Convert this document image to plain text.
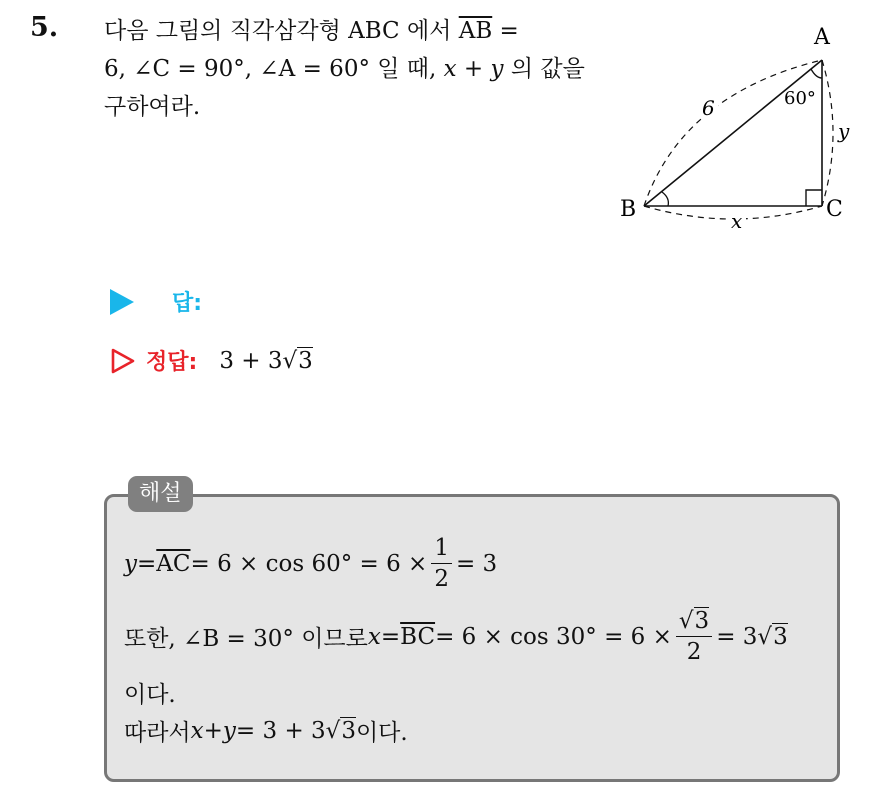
5. 다음 그림의 직각삼각형 ABC 에서 $\overline{AB}$ =
6, ∠C = 90°, ∠A = 60° 일 때, x + y 의 값을
구하여라.
A
B	C
6	60°
y
x
답:
정답: 3 + 3√3
해설
$y = \overline{AC} = 6 \times \cos 60^\circ = 6 \times \frac{1}{2} = 3$
또한, ∠B = 30° 이므로 $x = \overline{BC} = 6 \times \cos 30^\circ = 6 \times \frac{√3}{2} = 3$ √3
이다.
따라서 x + y = 3 + 3 √3 이다.
